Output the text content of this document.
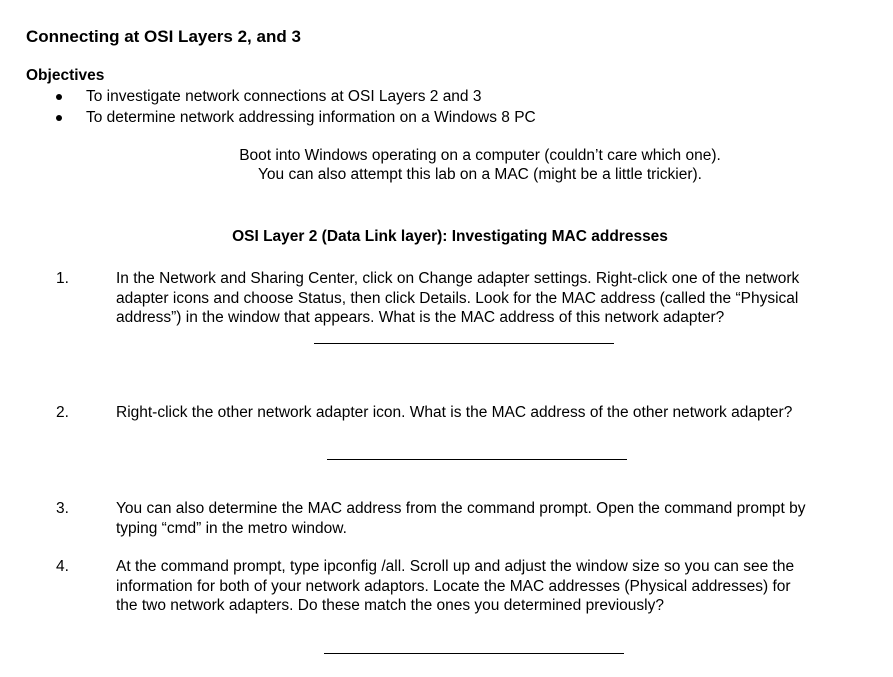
Connecting at OSI Layers 2, and 3
Objectives
To investigate network connections at OSI Layers 2 and 3
To determine network addressing information on a Windows 8 PC
Boot into Windows operating on a computer (couldn’t care which one).
You can also attempt this lab on a MAC (might be a little trickier).
OSI Layer 2 (Data Link layer): Investigating MAC addresses
1.	In the Network and Sharing Center, click on Change adapter settings. Right-click one of the network
adapter icons and choose Status, then click Details. Look for the MAC address (called the “Physical
address”) in the window that appears. What is the MAC address of this network adapter?
2.	Right-click the other network adapter icon. What is the MAC address of the other network adapter?
3.	You can also determine the MAC address from the command prompt. Open the command prompt by
typing “cmd” in the metro window.
4.	At the command prompt, type ipconfig /all. Scroll up and adjust the window size so you can see the
information for both of your network adaptors. Locate the MAC addresses (Physical addresses) for
the two network adapters. Do these match the ones you determined previously?
